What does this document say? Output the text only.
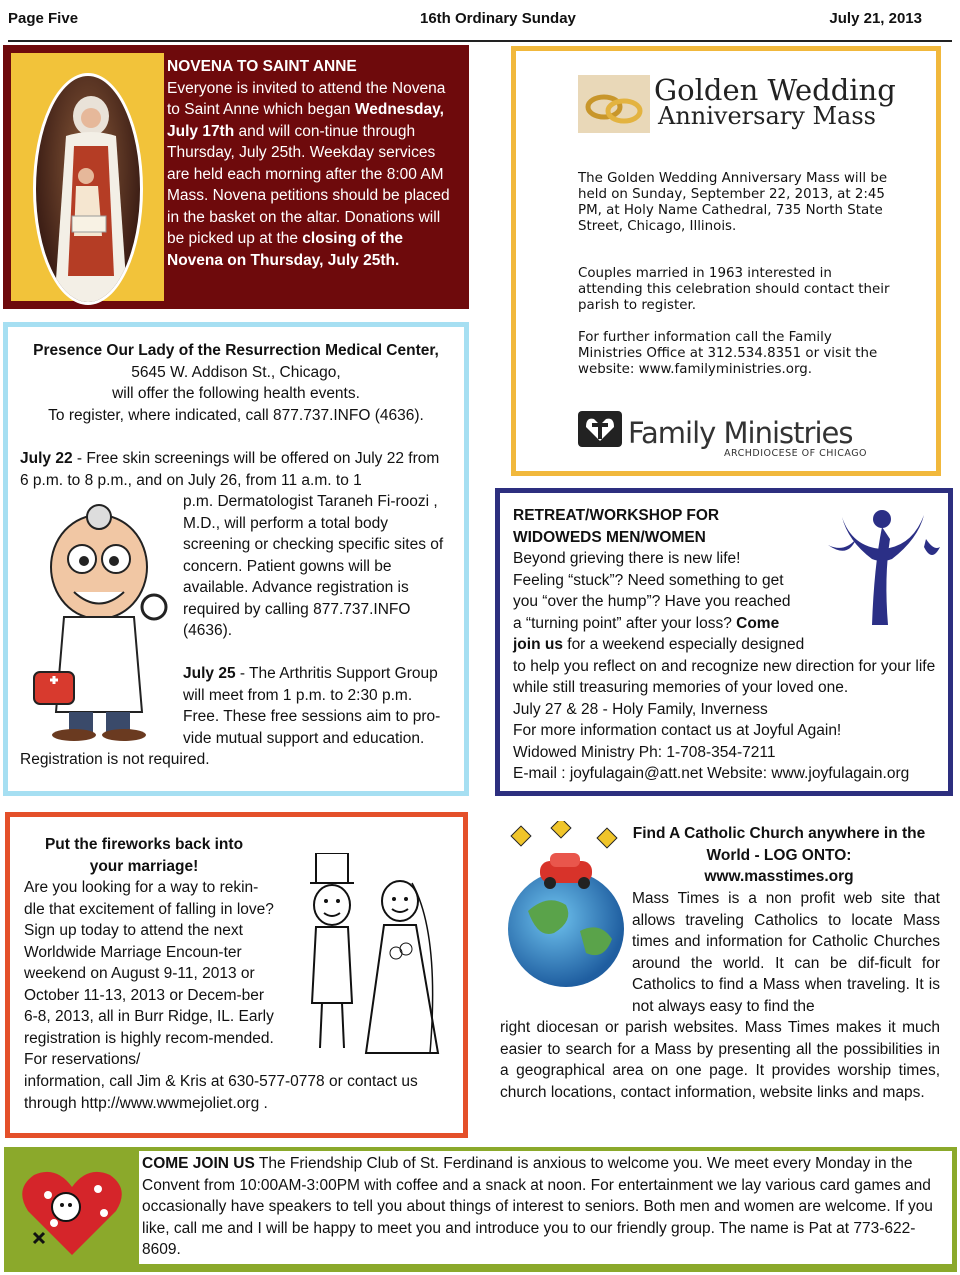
Page Five	16th Ordinary Sunday	July 21, 2013
NOVENA TO SAINT ANNE
Everyone is invited to attend the Novena to Saint Anne which began Wednesday, July 17th and will con-tinue through Thursday, July 25th. Weekday services are held each morning after the 8:00 AM Mass. Novena petitions should be placed in the basket on the altar. Donations will be picked up at the closing of the Novena on Thursday, July 25th.
Presence Our Lady of the Resurrection Medical Center,
5645 W. Addison St., Chicago,
will offer the following health events.
To register, where indicated, call 877.737.INFO (4636).
July 22 - Free skin screenings will be offered on July 22 from 6 p.m. to 8 p.m., and on July 26, from 11 a.m. to 1
p.m. Dermatologist Taraneh Fi-roozi , M.D., will perform a total body screening or checking specific sites of concern. Patient gowns will be available. Advance registration is required by calling 877.737.INFO (4636).
July 25 - The Arthritis Support Group will meet from 1 p.m. to 2:30 p.m. Free. These free sessions aim to pro-vide mutual support and education.
Registration is not required.
Golden Wedding
Anniversary Mass
The Golden Wedding Anniversary Mass will be held on Sunday, September 22, 2013, at 2:45 PM, at Holy Name Cathedral, 735 North State Street, Chicago, Illinois.
Couples married in 1963 interested in attending this celebration should contact their parish to register.
For further information call the Family Ministries Office at 312.534.8351 or visit the website: www.familyministries.org.
Family Ministries
ARCHDIOCESE OF CHICAGO
RETREAT/WORKSHOP FOR
WIDOWEDS MEN/WOMEN
Beyond grieving there is new life!
Feeling “stuck”? Need something to get
you “over the hump”? Have you reached
a “turning point” after your loss? Come
join us for a weekend especially designed
to help you reflect on and recognize new direction for your life while still treasuring memories of your loved one.
July 27 & 28 - Holy Family, Inverness
For more information contact us at Joyful Again!
Widowed Ministry Ph: 1-708-354-7211
E-mail : joyfulagain@att.net Website: www.joyfulagain.org
Put the fireworks back into
your marriage!
Are you looking for a way to rekin-dle that excitement of falling in love? Sign up today to attend the next Worldwide Marriage Encoun-ter weekend on August 9-11, 2013 or October 11-13, 2013 or Decem-ber 6-8, 2013, all in Burr Ridge, IL. Early registration is highly recom-mended. For reservations/
information, call Jim & Kris at 630-577-0778 or contact us through http://www.wwmejoliet.org .
Find A Catholic Church anywhere in the
World - LOG ONTO:
www.masstimes.org
Mass Times is a non profit web site that allows traveling Catholics to locate Mass times and information for Catholic Churches around the world. It can be dif-ficult for Catholics to find a Mass when traveling. It is not always easy to find the
right diocesan or parish websites. Mass Times makes it much easier to search for a Mass by presenting all the possibilities in a geographical area on one page. It provides worship times, church locations, contact information, website links and maps.
COME JOIN US The Friendship Club of St. Ferdinand is anxious to welcome you. We meet every Monday in the Convent from 10:00AM-3:00PM with coffee and a snack at noon. For entertainment we lay various card games and occasionally have speakers to tell you about things of interest to seniors. Both men and women are welcome. If you like, call me and I will be happy to meet you and introduce you to our friendly group. The name is Pat at 773-622-8609.
